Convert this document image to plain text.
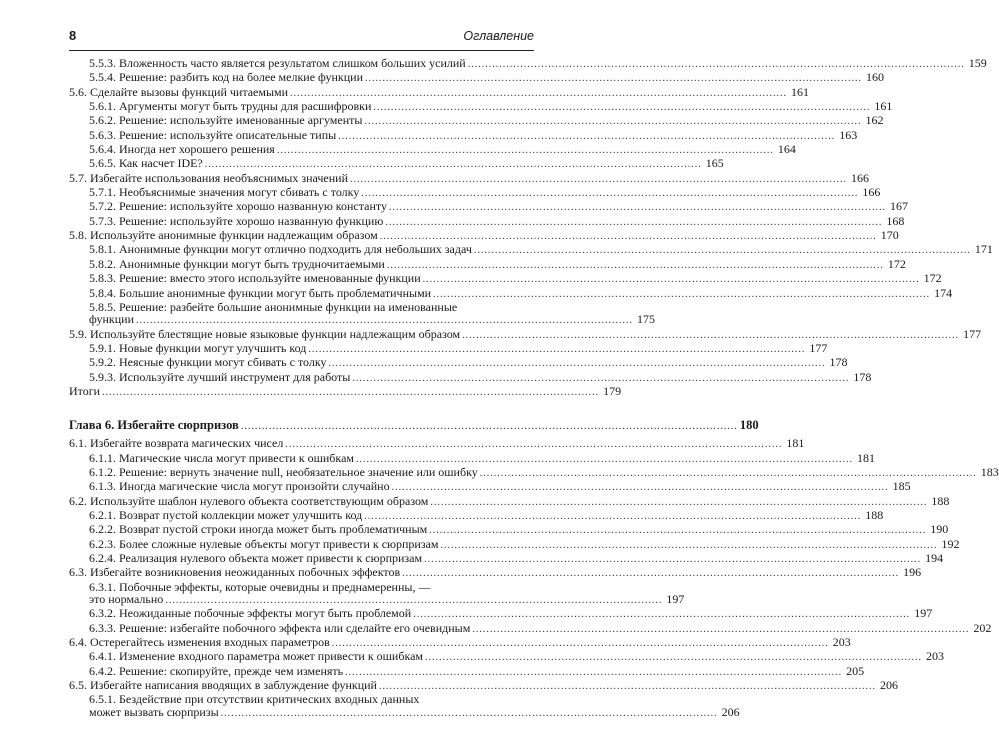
8	Оглавление
5.5.3. Вложенность часто является результатом слишком больших усилий .....	159
5.5.4. Решение: разбить код на более мелкие функции .....	160
5.6. Сделайте вызовы функций читаемыми .....	161
5.6.1. Аргументы могут быть трудны для расшифровки .....	161
5.6.2. Решение: используйте именованные аргументы .....	162
5.6.3. Решение: используйте описательные типы .....	163
5.6.4. Иногда нет хорошего решения .....	164
5.6.5. Как насчет IDE? .....	165
5.7. Избегайте использования необъяснимых значений .....	166
5.7.1. Необъяснимые значения могут сбивать с толку .....	166
5.7.2. Решение: используйте хорошо названную константу .....	167
5.7.3. Решение: используйте хорошо названную функцию .....	168
5.8. Используйте анонимные функции надлежащим образом .....	170
5.8.1. Анонимные функции могут отлично подходить для небольших задач .....	171
5.8.2. Анонимные функции могут быть трудночитаемыми .....	172
5.8.3. Решение: вместо этого используйте именованные функции .....	172
5.8.4. Большие анонимные функции могут быть проблематичными .....	174
5.8.5. Решение: разбейте большие анонимные функции на именованные
функции .....	175
5.9. Используйте блестящие новые языковые функции надлежащим образом .....	177
5.9.1. Новые функции могут улучшить код .....	177
5.9.2. Неясные функции могут сбивать с толку .....	178
5.9.3. Используйте лучший инструмент для работы .....	178
Итоги .....	179
Глава 6. Избегайте сюрпризов .....	180
6.1. Избегайте возврата магических чисел .....	181
6.1.1. Магические числа могут привести к ошибкам .....	181
6.1.2. Решение: вернуть значение null, необязательное значение или ошибку .....	183
6.1.3. Иногда магические числа могут произойти случайно .....	185
6.2. Используйте шаблон нулевого объекта соответствующим образом .....	188
6.2.1. Возврат пустой коллекции может улучшить код .....	188
6.2.2. Возврат пустой строки иногда может быть проблематичным .....	190
6.2.3. Более сложные нулевые объекты могут привести к сюрпризам .....	192
6.2.4. Реализация нулевого объекта может привести к сюрпризам .....	194
6.3. Избегайте возникновения неожиданных побочных эффектов .....	196
6.3.1. Побочные эффекты, которые очевидны и преднамеренны, —
это нормально .....	197
6.3.2. Неожиданные побочные эффекты могут быть проблемой .....	197
6.3.3. Решение: избегайте побочного эффекта или сделайте его очевидным .....	202
6.4. Остерегайтесь изменения входных параметров .....	203
6.4.1. Изменение входного параметра может привести к ошибкам .....	203
6.4.2. Решение: скопируйте, прежде чем изменять .....	205
6.5. Избегайте написания вводящих в заблуждение функций .....	206
6.5.1. Бездействие при отсутствии критических входных данных
может вызвать сюрпризы .....	206
